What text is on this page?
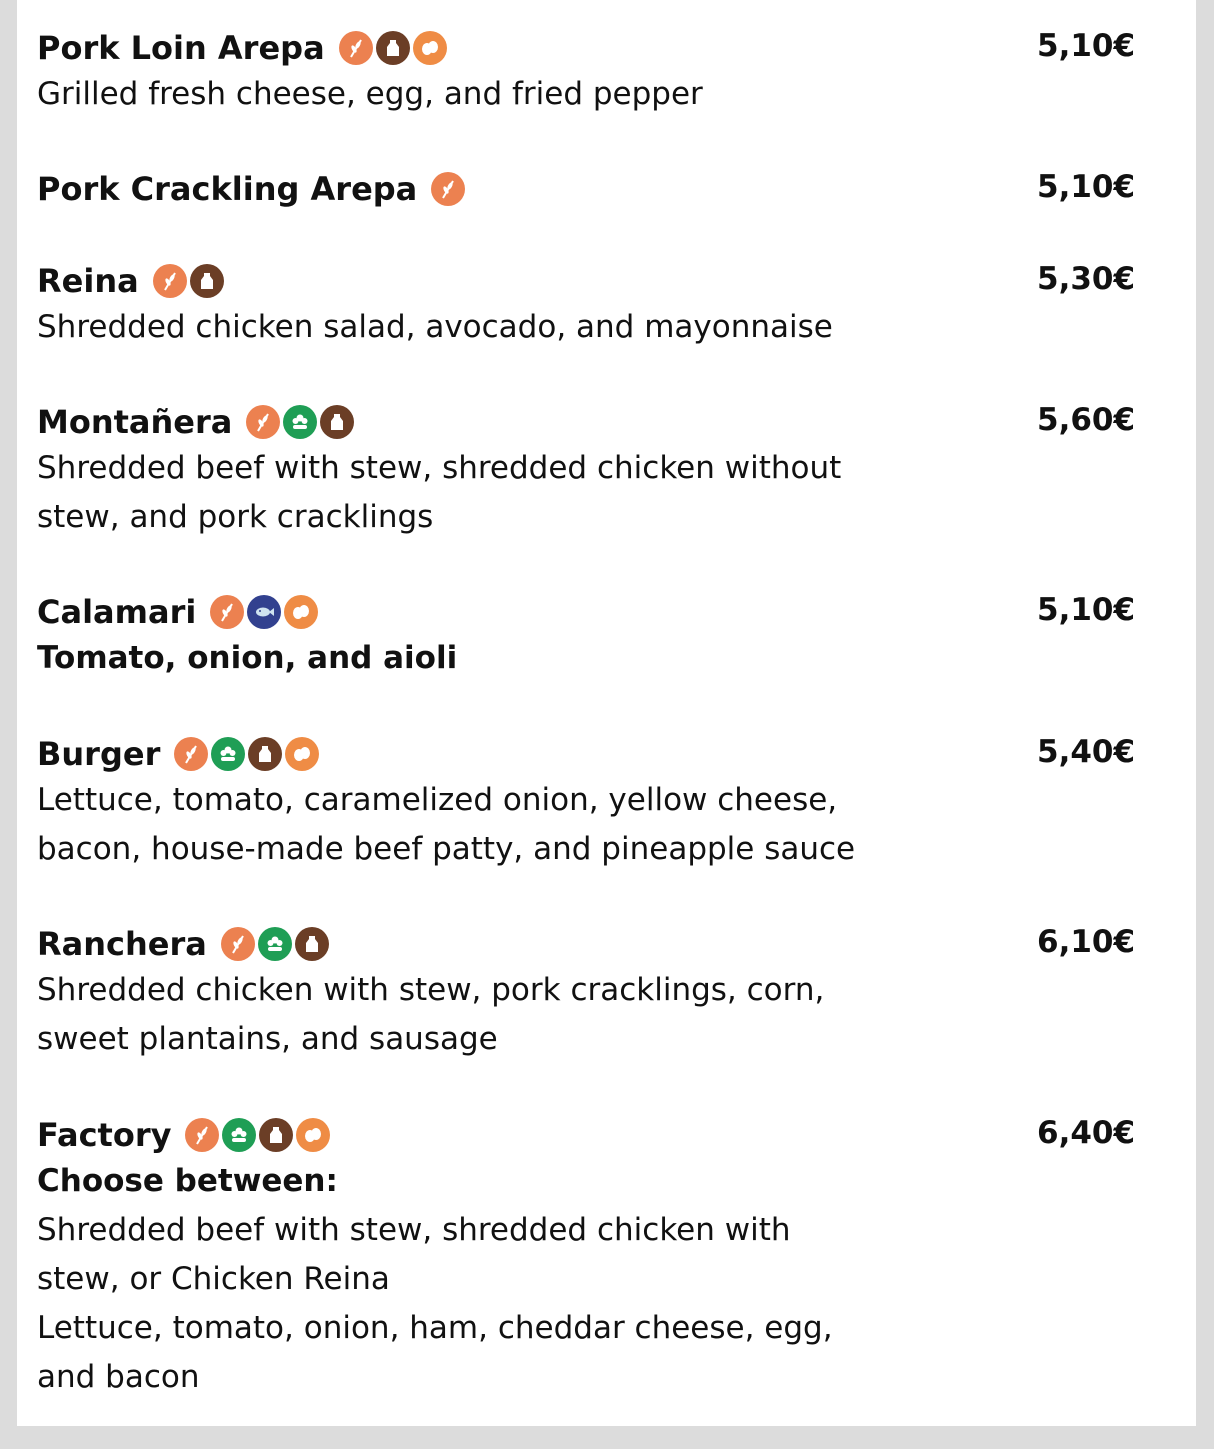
Pork Loin Arepa
Grilled fresh cheese, egg, and fried pepper
5,10€
Pork Crackling Arepa	5,10€
Reina
Shredded chicken salad, avocado, and mayonnaise
5,30€
Montañera
Shredded beef with stew, shredded chicken without
stew, and pork cracklings
5,60€
Calamari
Tomato, onion, and aioli
5,10€
Burger
Lettuce, tomato, caramelized onion, yellow cheese,
bacon, house-made beef patty, and pineapple sauce
5,40€
Ranchera
Shredded chicken with stew, pork cracklings, corn,
sweet plantains, and sausage
6,10€
Factory
Choose between:
Shredded beef with stew, shredded chicken with
stew, or Chicken Reina
Lettuce, tomato, onion, ham, cheddar cheese, egg,
and bacon
6,40€
